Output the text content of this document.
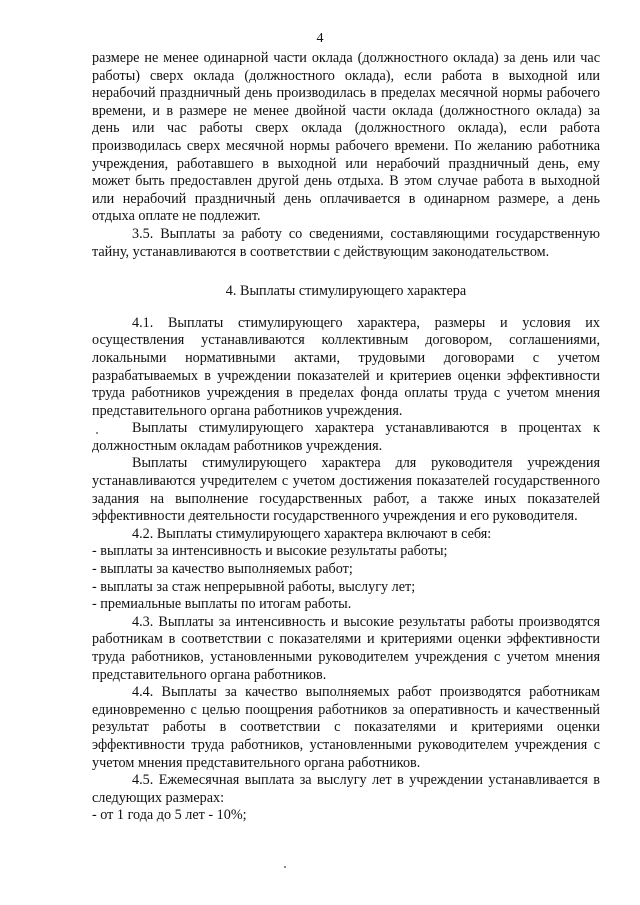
4

размере не менее одинарной части оклада (должностного оклада) за день или час работы) сверх оклада (должностного оклада), если работа в выходной или нерабочий праздничный день производилась в пределах месячной нормы рабочего времени, и в размере не менее двойной части оклада (должностного оклада) за день или час работы сверх оклада (должностного оклада), если работа производилась сверх месячной нормы рабочего времени. По желанию работника учреждения, работавшего в выходной или нерабочий праздничный день, ему может быть предоставлен другой день отдыха. В этом случае работа в выходной или нерабочий праздничный день оплачивается в одинарном размере, а день отдыха оплате не подлежит.

3.5. Выплаты за работу со сведениями, составляющими государственную тайну, устанавливаются в соответствии с действующим законодательством.

4. Выплаты стимулирующего характера

4.1. Выплаты стимулирующего характера, размеры и условия их осуществления устанавливаются коллективным договором, соглашениями, локальными нормативными актами, трудовыми договорами с учетом разрабатываемых в учреждении показателей и критериев оценки эффективности труда работников учреждения в пределах фонда оплаты труда с учетом мнения представительного органа работников учреждения.

Выплаты стимулирующего характера устанавливаются в процентах к должностным окладам работников учреждения.

Выплаты стимулирующего характера для руководителя учреждения устанавливаются учредителем с учетом достижения показателей государственного задания на выполнение государственных работ, а также иных показателей эффективности деятельности государственного учреждения и его руководителя.

4.2. Выплаты стимулирующего характера включают в себя:

- выплаты за интенсивность и высокие результаты работы;

- выплаты за качество выполняемых работ;

- выплаты за стаж непрерывной работы, выслугу лет;

- премиальные выплаты по итогам работы.

4.3. Выплаты за интенсивность и высокие результаты работы производятся работникам в соответствии с показателями и критериями оценки эффективности труда работников, установленными руководителем учреждения с учетом мнения представительного органа работников.

4.4. Выплаты за качество выполняемых работ производятся работникам единовременно с целью поощрения работников за оперативность и качественный результат работы в соответствии с показателями и критериями оценки эффективности труда работников, установленными руководителем учреждения с учетом мнения представительного органа работников.

4.5. Ежемесячная выплата за выслугу лет в учреждении устанавливается в следующих размерах:

- от 1 года до 5 лет - 10%;
